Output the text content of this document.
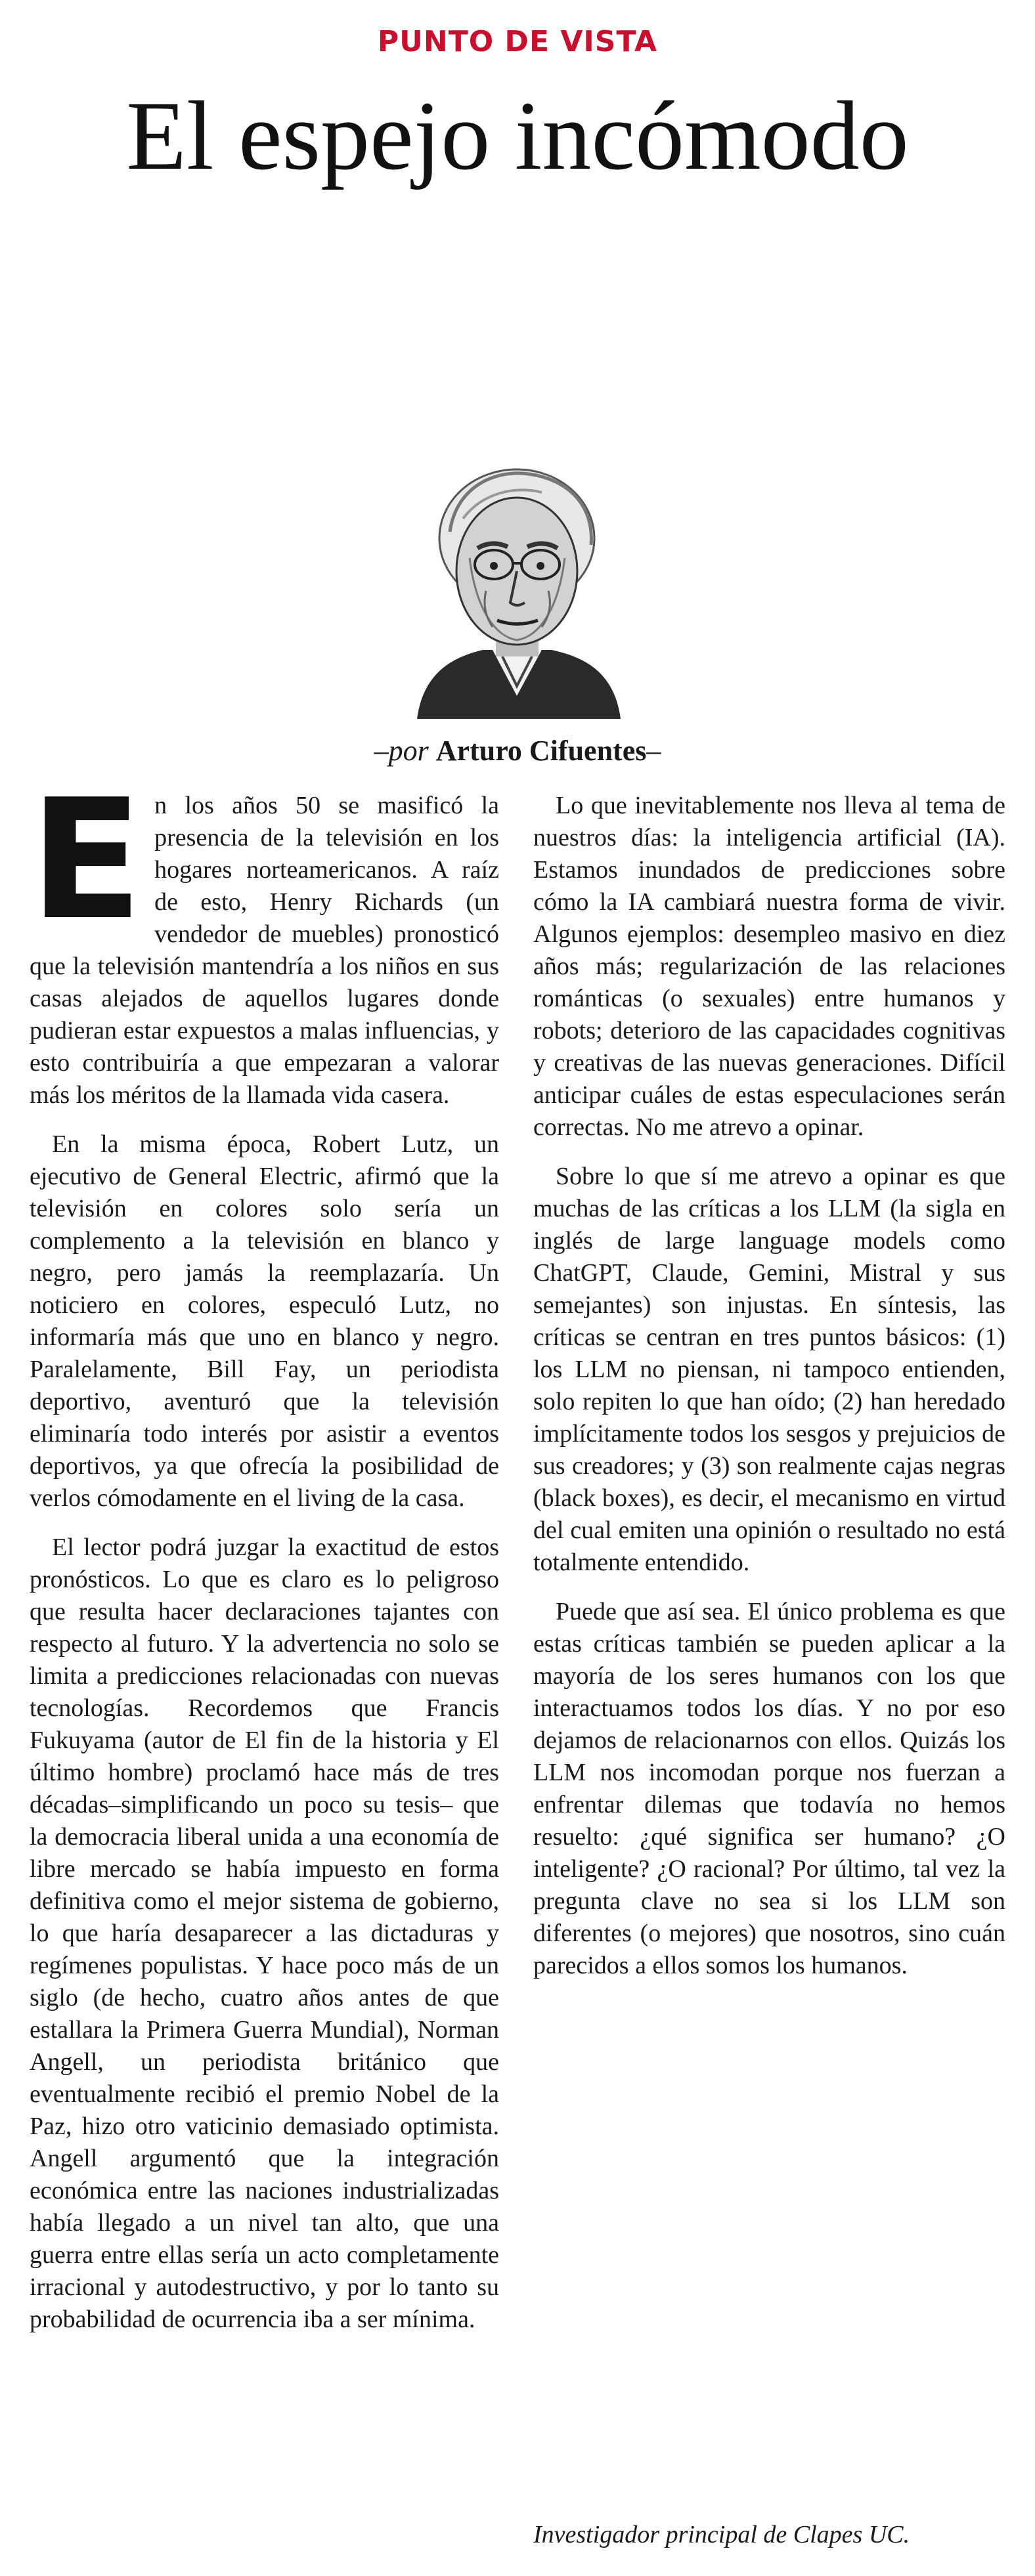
PUNTO DE VISTA
El espejo incómodo
–por Arturo Cifuentes–

En los años 50 se masificó la presencia de la televisión en los hogares norteamericanos. A raíz de esto, Henry Richards (un vendedor de muebles) pronosticó que la televisión mantendría a los niños en sus casas alejados de aquellos lugares donde pudieran estar expuestos a malas influencias, y esto contribuiría a que empezaran a valorar más los méritos de la llamada vida casera.

En la misma época, Robert Lutz, un ejecutivo de General Electric, afirmó que la televisión en colores solo sería un complemento a la televisión en blanco y negro, pero jamás la reemplazaría. Un noticiero en colores, especuló Lutz, no informaría más que uno en blanco y negro. Paralelamente, Bill Fay, un periodista deportivo, aventuró que la televisión eliminaría todo interés por asistir a eventos deportivos, ya que ofrecía la posibilidad de verlos cómodamente en el living de la casa.

El lector podrá juzgar la exactitud de estos pronósticos. Lo que es claro es lo peligroso que resulta hacer declaraciones tajantes con respecto al futuro. Y la advertencia no solo se limita a predicciones relacionadas con nuevas tecnologías. Recordemos que Francis Fukuyama (autor de El fin de la historia y El último hombre) proclamó hace más de tres décadas–simplificando un poco su tesis– que la democracia liberal unida a una economía de libre mercado se había impuesto en forma definitiva como el mejor sistema de gobierno, lo que haría desaparecer a las dictaduras y regímenes populistas. Y hace poco más de un siglo (de hecho, cuatro años antes de que estallara la Primera Guerra Mundial), Norman Angell, un periodista británico que eventualmente recibió el premio Nobel de la Paz, hizo otro vaticinio demasiado optimista. Angell argumentó que la integración económica entre las naciones industrializadas había llegado a un nivel tan alto, que una guerra entre ellas sería un acto completamente irracional y autodestructivo, y por lo tanto su probabilidad de ocurrencia iba a ser mínima.

Lo que inevitablemente nos lleva al tema de nuestros días: la inteligencia artificial (IA). Estamos inundados de predicciones sobre cómo la IA cambiará nuestra forma de vivir. Algunos ejemplos: desempleo masivo en diez años más; regularización de las relaciones románticas (o sexuales) entre humanos y robots; deterioro de las capacidades cognitivas y creativas de las nuevas generaciones. Difícil anticipar cuáles de estas especulaciones serán correctas. No me atrevo a opinar.

Sobre lo que sí me atrevo a opinar es que muchas de las críticas a los LLM (la sigla en inglés de large language models como ChatGPT, Claude, Gemini, Mistral y sus semejantes) son injustas. En síntesis, las críticas se centran en tres puntos básicos: (1) los LLM no piensan, ni tampoco entienden, solo repiten lo que han oído; (2) han heredado implícitamente todos los sesgos y prejuicios de sus creadores; y (3) son realmente cajas negras (black boxes), es decir, el mecanismo en virtud del cual emiten una opinión o resultado no está totalmente entendido.

Puede que así sea. El único problema es que estas críticas también se pueden aplicar a la mayoría de los seres humanos con los que interactuamos todos los días. Y no por eso dejamos de relacionarnos con ellos. Quizás los LLM nos incomodan porque nos fuerzan a enfrentar dilemas que todavía no hemos resuelto: ¿qué significa ser humano? ¿O inteligente? ¿O racional? Por último, tal vez la pregunta clave no sea si los LLM son diferentes (o mejores) que nosotros, sino cuán parecidos a ellos somos los humanos.

Investigador principal de Clapes UC.
